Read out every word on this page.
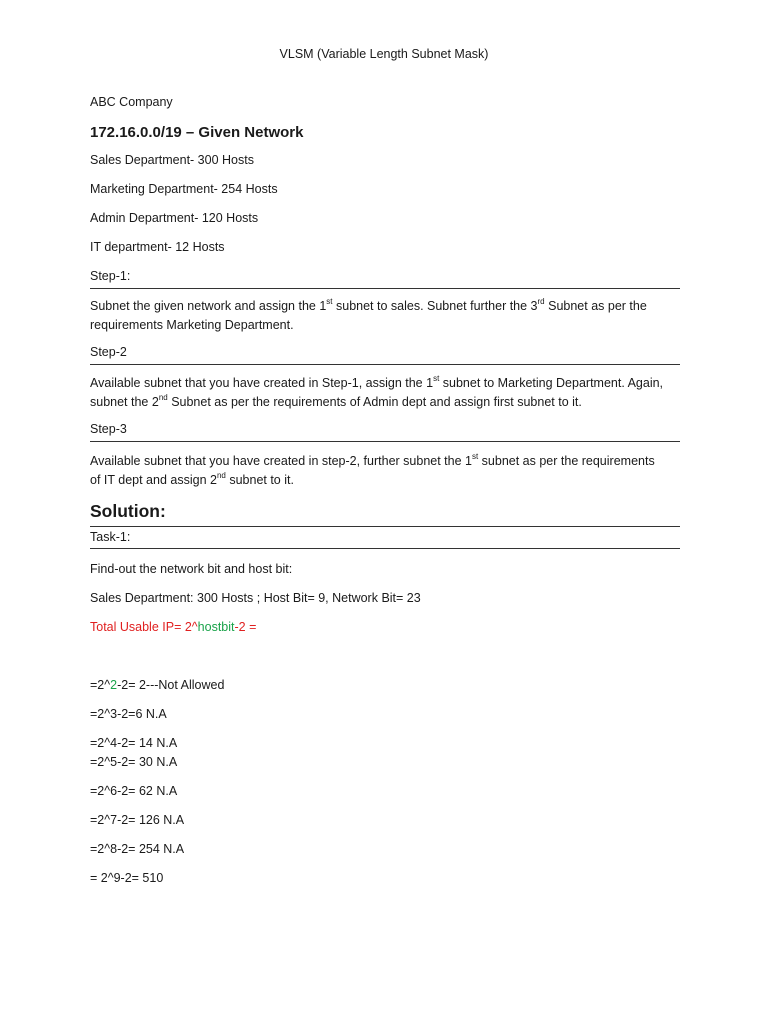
VLSM (Variable Length Subnet Mask)
ABC Company
172.16.0.0/19 – Given Network
Sales Department- 300 Hosts
Marketing Department- 254 Hosts
Admin Department- 120 Hosts
IT department- 12 Hosts
Step-1:
Subnet the given network and assign the 1st subnet to sales. Subnet further the 3rd Subnet as per the
requirements Marketing Department.
Step-2
Available subnet that you have created in Step-1, assign the 1st subnet to Marketing Department. Again,
subnet the 2nd Subnet as per the requirements of Admin dept and assign first subnet to it.
Step-3
Available subnet that you have created in step-2, further subnet the 1st subnet as per the requirements
of IT dept and assign 2nd subnet to it.
Solution:
Task-1:
Find-out the network bit and host bit:
Sales Department: 300 Hosts ; Host Bit= 9, Network Bit= 23
Total Usable IP= 2^hostbit-2 =
=2^2-2= 2---Not Allowed
=2^3-2=6 N.A
=2^4-2= 14 N.A
=2^5-2= 30 N.A
=2^6-2= 62 N.A
=2^7-2= 126 N.A
=2^8-2= 254 N.A
= 2^9-2= 510
